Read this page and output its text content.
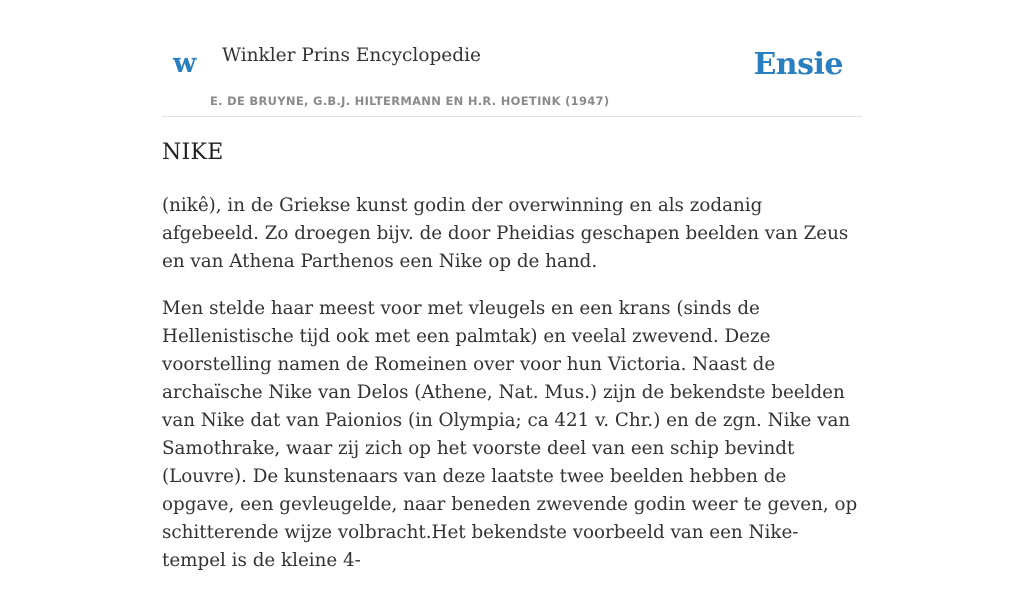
w Winkler Prins Encyclopedie
E. DE BRUYNE, G.B.J. HILTERMANN EN H.R. HOETINK (1947)
Ensie
NIKE

(nikê), in de Griekse kunst godin der overwinning en als zodanig afgebeeld. Zo droegen bijv. de door Pheidias geschapen beelden van Zeus en van Athena Parthenos een Nike op de hand.

Men stelde haar meest voor met vleugels en een krans (sinds de Hellenistische tijd ook met een palmtak) en veelal zwevend. Deze voorstelling namen de Romeinen over voor hun Victoria. Naast de archaïsche Nike van Delos (Athene, Nat. Mus.) zijn de bekendste beelden van Nike dat van Paionios (in Olympia; ca 421 v. Chr.) en de zgn. Nike van Samothrake, waar zij zich op het voorste deel van een schip bevindt (Louvre). De kunstenaars van deze laatste twee beelden hebben de opgave, een gevleugelde, naar beneden zwevende godin weer te geven, op schitterende wijze volbracht.Het bekendste voorbeeld van een Nike-tempel is de kleine 4-
